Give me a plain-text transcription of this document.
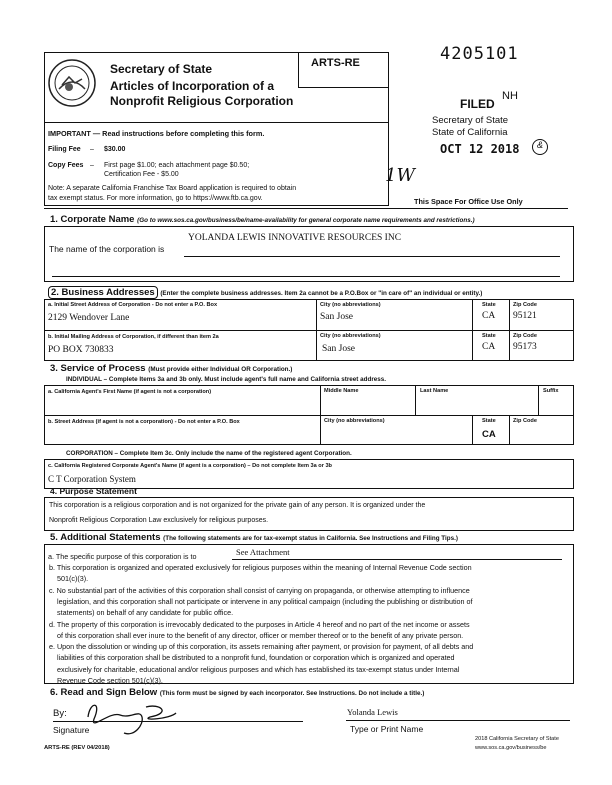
ARTS-RE
Secretary of State
Articles of Incorporation of a
Nonprofit Religious Corporation
IMPORTANT — Read instructions before completing this form.
Filing Fee – $30.00
Copy Fees – First page $1.00; each attachment page $0.50;
Certification Fee - $5.00
Note: A separate California Franchise Tax Board application is required to obtain
tax exempt status. For more information, go to https://www.ftb.ca.gov.
4205101
FILED
NH
Secretary of State
State of California
OCT 12 2018	&
1W
This Space For Office Use Only
1. Corporate Name (Go to www.sos.ca.gov/business/be/name-availability for general corporate name requirements and restrictions.)
The name of the corporation is
YOLANDA LEWIS INNOVATIVE RESOURCES INC
2. Business Addresses (Enter the complete business addresses. Item 2a cannot be a P.O.Box or "in care of" an individual or entity.)
a. Initial Street Address of Corporation - Do not enter a P.O. Box
2129 Wendover Lane
City (no abbreviations)
San Jose
State
CA
Zip Code
95121
b. Initial Mailing Address of Corporation, if different than item 2a
PO BOX 730833
City (no abbreviations)
San Jose
State
CA
Zip Code
95173
3. Service of Process (Must provide either Individual OR Corporation.)
INDIVIDUAL – Complete Items 3a and 3b only. Must include agent's full name and California street address.
a. California Agent's First Name (if agent is not a corporation)	Middle Name	Last Name	Suffix
b. Street Address (if agent is not a corporation) - Do not enter a P.O. Box	City (no abbreviations)	State
CA
Zip Code
CORPORATION – Complete Item 3c. Only include the name of the registered agent Corporation.
c. California Registered Corporate Agent's Name (if agent is a corporation) – Do not complete Item 3a or 3b
C T Corporation System
4. Purpose Statement
This corporation is a religious corporation and is not organized for the private gain of any person. It is organized under the
Nonprofit Religious Corporation Law exclusively for religious purposes.
5. Additional Statements (The following statements are for tax-exempt status in California. See Instructions and Filing Tips.)
a. The specific purpose of this corporation is to	See Attachment
b. This corporation is organized and operated exclusively for religious purposes within the meaning of Internal Revenue Code section
501(c)(3).
c. No substantial part of the activities of this corporation shall consist of carrying on propaganda, or otherwise attempting to influence
legislation, and this corporation shall not participate or intervene in any political campaign (including the publishing or distribution of
statements) on behalf of any candidate for public office.
d. The property of this corporation is irrevocably dedicated to the purposes in Article 4 hereof and no part of the net income or assets
of this corporation shall ever inure to the benefit of any director, officer or member thereof or to the benefit of any private person.
e. Upon the dissolution or winding up of this corporation, its assets remaining after payment, or provision for payment, of all debts and
liabilities of this corporation shall be distributed to a nonprofit fund, foundation or corporation which is organized and operated
exclusively for charitable, educational and/or religious purposes and which has established its tax-exempt status under Internal
Revenue Code section 501(c)(3).
6. Read and Sign Below (This form must be signed by each incorporator. See Instructions. Do not include a title.)
By:
Signature
Yolanda Lewis
Type or Print Name
ARTS-RE (REV 04/2018)
2018 California Secretary of State
www.sos.ca.gov/business/be
